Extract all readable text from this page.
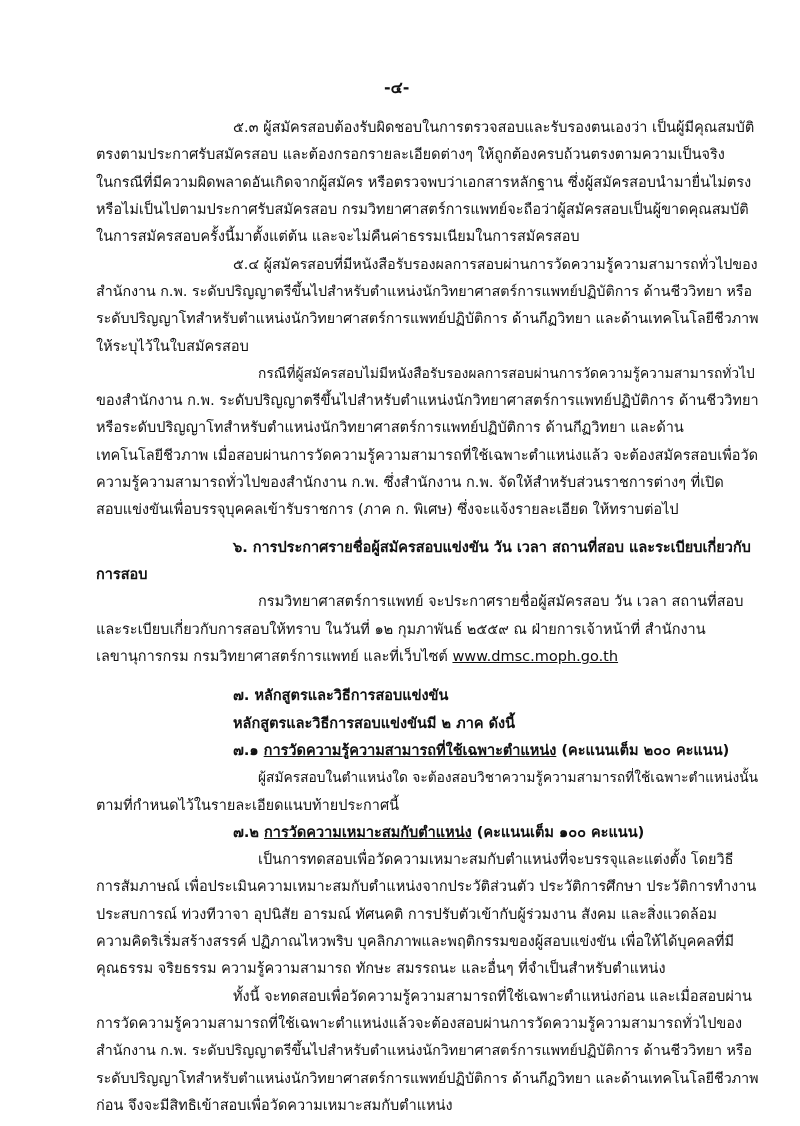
-๔-
๕.๓ ผู้สมัครสอบต้องรับผิดชอบในการตรวจสอบและรับรองตนเองว่า เป็นผู้มีคุณสมบัติ
ตรงตามประกาศรับสมัครสอบ และต้องกรอกรายละเอียดต่างๆ ให้ถูกต้องครบถ้วนตรงตามความเป็นจริง
ในกรณีที่มีความผิดพลาดอันเกิดจากผู้สมัคร หรือตรวจพบว่าเอกสารหลักฐาน ซึ่งผู้สมัครสอบนำมายื่นไม่ตรง
หรือไม่เป็นไปตามประกาศรับสมัครสอบ กรมวิทยาศาสตร์การแพทย์จะถือว่าผู้สมัครสอบเป็นผู้ขาดคุณสมบัติ
ในการสมัครสอบครั้งนี้มาตั้งแต่ต้น และจะไม่คืนค่าธรรมเนียมในการสมัครสอบ
๕.๔ ผู้สมัครสอบที่มีหนังสือรับรองผลการสอบผ่านการวัดความรู้ความสามารถทั่วไปของ
สำนักงาน ก.พ. ระดับปริญญาตรีขึ้นไปสำหรับตำแหน่งนักวิทยาศาสตร์การแพทย์ปฏิบัติการ ด้านชีววิทยา หรือ
ระดับปริญญาโทสำหรับตำแหน่งนักวิทยาศาสตร์การแพทย์ปฏิบัติการ ด้านกีฏวิทยา และด้านเทคโนโลยีชีวภาพ
ให้ระบุไว้ในใบสมัครสอบ
กรณีที่ผู้สมัครสอบไม่มีหนังสือรับรองผลการสอบผ่านการวัดความรู้ความสามารถทั่วไป
ของสำนักงาน ก.พ. ระดับปริญญาตรีขึ้นไปสำหรับตำแหน่งนักวิทยาศาสตร์การแพทย์ปฏิบัติการ ด้านชีววิทยา
หรือระดับปริญญาโทสำหรับตำแหน่งนักวิทยาศาสตร์การแพทย์ปฏิบัติการ ด้านกีฏวิทยา และด้าน
เทคโนโลยีชีวภาพ เมื่อสอบผ่านการวัดความรู้ความสามารถที่ใช้เฉพาะตำแหน่งแล้ว จะต้องสมัครสอบเพื่อวัด
ความรู้ความสามารถทั่วไปของสำนักงาน ก.พ. ซึ่งสำนักงาน ก.พ. จัดให้สำหรับส่วนราชการต่างๆ ที่เปิด
สอบแข่งขันเพื่อบรรจุบุคคลเข้ารับราชการ (ภาค ก. พิเศษ) ซึ่งจะแจ้งรายละเอียด ให้ทราบต่อไป
๖. การประกาศรายชื่อผู้สมัครสอบแข่งขัน วัน เวลา สถานที่สอบ และระเบียบเกี่ยวกับ
การสอบ
กรมวิทยาศาสตร์การแพทย์ จะประกาศรายชื่อผู้สมัครสอบ วัน เวลา สถานที่สอบ
และระเบียบเกี่ยวกับการสอบให้ทราบ ในวันที่ ๑๒ กุมภาพันธ์ ๒๕๕๙ ณ ฝ่ายการเจ้าหน้าที่ สำนักงาน
เลขานุการกรม กรมวิทยาศาสตร์การแพทย์ และที่เว็บไซต์ www.dmsc.moph.go.th
๗. หลักสูตรและวิธีการสอบแข่งขัน
หลักสูตรและวิธีการสอบแข่งขันมี ๒ ภาค ดังนี้
๗.๑ การวัดความรู้ความสามารถที่ใช้เฉพาะตำแหน่ง (คะแนนเต็ม ๒๐๐ คะแนน)
ผู้สมัครสอบในตำแหน่งใด จะต้องสอบวิชาความรู้ความสามารถที่ใช้เฉพาะตำแหน่งนั้น
ตามที่กำหนดไว้ในรายละเอียดแนบท้ายประกาศนี้
๗.๒ การวัดความเหมาะสมกับตำแหน่ง (คะแนนเต็ม ๑๐๐ คะแนน)
เป็นการทดสอบเพื่อวัดความเหมาะสมกับตำแหน่งที่จะบรรจุและแต่งตั้ง โดยวิธี
การสัมภาษณ์ เพื่อประเมินความเหมาะสมกับตำแหน่งจากประวัติส่วนตัว ประวัติการศึกษา ประวัติการทำงาน
ประสบการณ์ ท่วงทีวาจา อุปนิสัย อารมณ์ ทัศนคติ การปรับตัวเข้ากับผู้ร่วมงาน สังคม และสิ่งแวดล้อม
ความคิดริเริ่มสร้างสรรค์ ปฏิภาณไหวพริบ บุคลิกภาพและพฤติกรรมของผู้สอบแข่งขัน เพื่อให้ได้บุคคลที่มี
คุณธรรม จริยธรรม ความรู้ความสามารถ ทักษะ สมรรถนะ และอื่นๆ ที่จำเป็นสำหรับตำแหน่ง
ทั้งนี้ จะทดสอบเพื่อวัดความรู้ความสามารถที่ใช้เฉพาะตำแหน่งก่อน และเมื่อสอบผ่าน
การวัดความรู้ความสามารถที่ใช้เฉพาะตำแหน่งแล้วจะต้องสอบผ่านการวัดความรู้ความสามารถทั่วไปของ
สำนักงาน ก.พ. ระดับปริญญาตรีขึ้นไปสำหรับตำแหน่งนักวิทยาศาสตร์การแพทย์ปฏิบัติการ ด้านชีววิทยา หรือ
ระดับปริญญาโทสำหรับตำแหน่งนักวิทยาศาสตร์การแพทย์ปฏิบัติการ ด้านกีฏวิทยา และด้านเทคโนโลยีชีวภาพ
ก่อน จึงจะมีสิทธิเข้าสอบเพื่อวัดความเหมาะสมกับตำแหน่ง
